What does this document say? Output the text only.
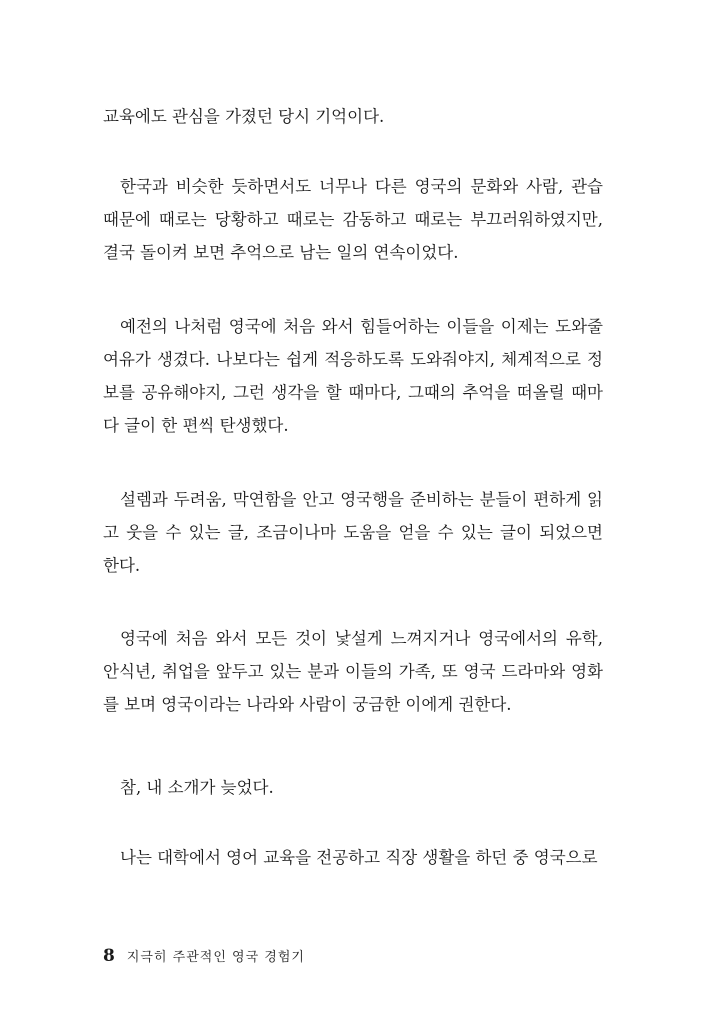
교육에도 관심을 가졌던 당시 기억이다.
한국과 비슷한 듯하면서도 너무나 다른 영국의 문화와 사람, 관습
때문에 때로는 당황하고 때로는 감동하고 때로는 부끄러워하였지만,
결국 돌이켜 보면 추억으로 남는 일의 연속이었다.
예전의 나처럼 영국에 처음 와서 힘들어하는 이들을 이제는 도와줄
여유가 생겼다. 나보다는 쉽게 적응하도록 도와줘야지, 체계적으로 정
보를 공유해야지, 그런 생각을 할 때마다, 그때의 추억을 떠올릴 때마
다 글이 한 편씩 탄생했다.
설렘과 두려움, 막연함을 안고 영국행을 준비하는 분들이 편하게 읽
고 웃을 수 있는 글, 조금이나마 도움을 얻을 수 있는 글이 되었으면
한다.
영국에 처음 와서 모든 것이 낯설게 느껴지거나 영국에서의 유학,
안식년, 취업을 앞두고 있는 분과 이들의 가족, 또 영국 드라마와 영화
를 보며 영국이라는 나라와 사람이 궁금한 이에게 권한다.
참, 내 소개가 늦었다.
나는 대학에서 영어 교육을 전공하고 직장 생활을 하던 중 영국으로
8 지극히 주관적인 영국 경험기
